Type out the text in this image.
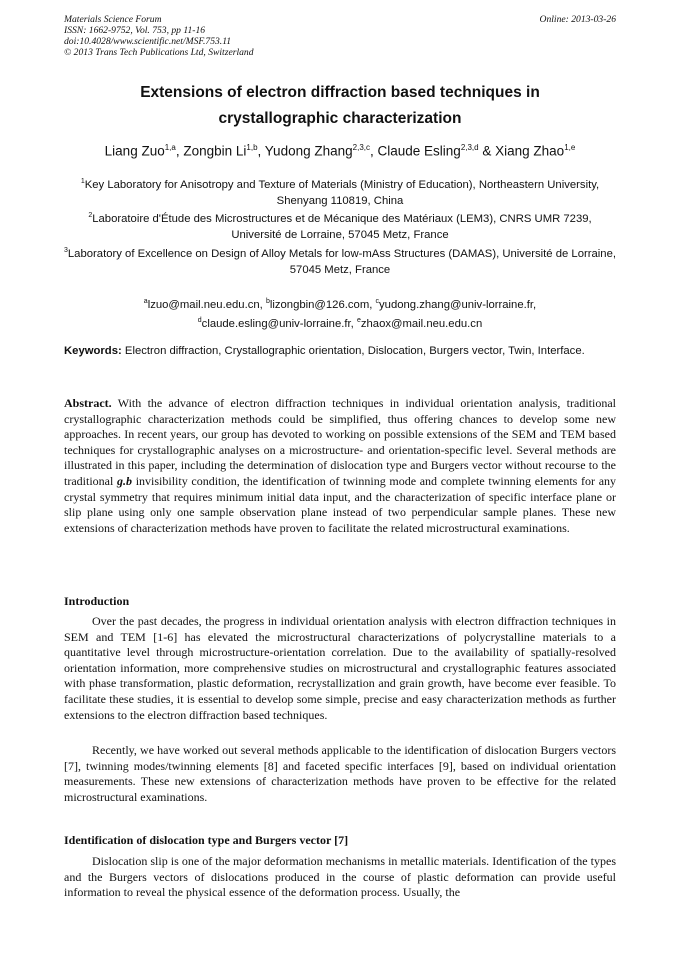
Materials Science Forum
ISSN: 1662-9752, Vol. 753, pp 11-16
doi:10.4028/www.scientific.net/MSF.753.11
© 2013 Trans Tech Publications Ltd, Switzerland
Online: 2013-03-26
Extensions of electron diffraction based techniques in
crystallographic characterization
Liang Zuo$^{1,a}$, Zongbin Li$^{1,b}$, Yudong Zhang$^{2,3,c}$, Claude Esling$^{2,3,d}$ & Xiang Zhao$^{1,e}$
$^1$Key Laboratory for Anisotropy and Texture of Materials (Ministry of Education), Northeastern University, Shenyang 110819, China
$^2$Laboratoire d'Étude des Microstructures et de Mécanique des Matériaux (LEM3), CNRS UMR 7239, Université de Lorraine, 57045 Metz, France
$^3$Laboratory of Excellence on Design of Alloy Metals for low-mAss Structures (DAMAS), Université de Lorraine, 57045 Metz, France
$^a$lzuo@mail.neu.edu.cn, $^b$lizongbin@126.com, $^c$yudong.zhang@univ-lorraine.fr,
$^d$claude.esling@univ-lorraine.fr, $^e$zhaox@mail.neu.edu.cn
Keywords: Electron diffraction, Crystallographic orientation, Dislocation, Burgers vector, Twin, Interface.
Abstract. With the advance of electron diffraction techniques in individual orientation analysis, traditional crystallographic characterization methods could be simplified, thus offering chances to develop some new approaches. In recent years, our group has devoted to working on possible extensions of the SEM and TEM based techniques for crystallographic analyses on a microstructure- and orientation-specific level. Several methods are illustrated in this paper, including the determination of dislocation type and Burgers vector without recourse to the traditional g.b invisibility condition, the identification of twinning mode and complete twinning elements for any crystal symmetry that requires minimum initial data input, and the characterization of specific interface plane or slip plane using only one sample observation plane instead of two perpendicular sample planes. These new extensions of characterization methods have proven to facilitate the related microstructural examinations.
Introduction
Over the past decades, the progress in individual orientation analysis with electron diffraction techniques in SEM and TEM [1-6] has elevated the microstructural characterizations of polycrystalline materials to a quantitative level through microstructure-orientation correlation. Due to the availability of spatially-resolved orientation information, more comprehensive studies on microstructural and crystallographic features associated with phase transformation, plastic deformation, recrystallization and grain growth, have become ever feasible. To facilitate these studies, it is essential to develop some simple, precise and easy characterization methods as further extensions to the electron diffraction based techniques.
Recently, we have worked out several methods applicable to the identification of dislocation Burgers vectors [7], twinning modes/twinning elements [8] and faceted specific interfaces [9], based on individual orientation measurements. These new extensions of characterization methods have proven to be effective for the related microstructural examinations.
Identification of dislocation type and Burgers vector [7]
Dislocation slip is one of the major deformation mechanisms in metallic materials. Identification of the types and the Burgers vectors of dislocations produced in the course of plastic deformation can provide useful information to reveal the physical essence of the deformation process. Usually, the
